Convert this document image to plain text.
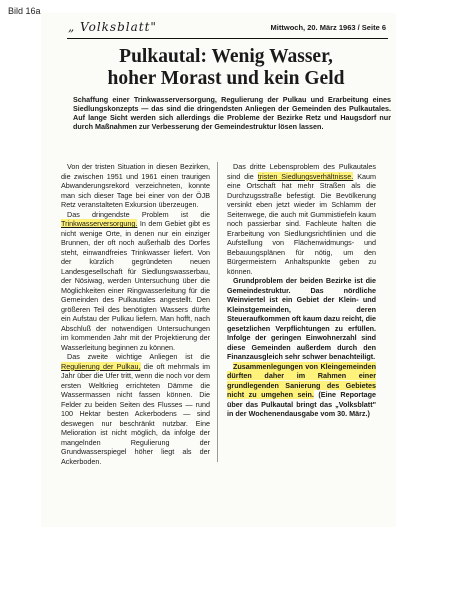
Bild 16a
„ Volksblatt"	Mittwoch, 20. März 1963 / Seite 6
Pulkautal: Wenig Wasser,
hoher Morast und kein Geld
Schaffung einer Trinkwasserversorgung, Regulierung der Pulkau und Erarbeitung eines Siedlungskonzepts — das sind die dringendsten Anliegen der Gemeinden des Pulkautales. Auf lange Sicht werden sich allerdings die Probleme der Bezirke Retz und Haugsdorf nur durch Maßnahmen zur Verbesserung der Gemeindestruktur lösen lassen.

Von der tristen Situation in diesen Bezirken, die zwischen 1951 und 1961 einen traurigen Abwanderungsrekord verzeichneten, konnte man sich dieser Tage bei einer von der ÖJB Retz veranstalteten Exkursion überzeugen.

Das dringendste Problem ist die Trinkwasserversorgung. In dem Gebiet gibt es nicht wenige Orte, in denen nur ein einziger Brunnen, der oft noch außerhalb des Dorfes steht, einwandfreies Trinkwasser liefert. Von der kürzlich gegründeten neuen Landesgesellschaft für Siedlungswasserbau, der Nösiwag, werden Untersuchung über die Möglichkeiten einer Ringwasserleitung für die Gemeinden des Pulkautales angestellt. Den größeren Teil des benötigten Wassers dürfte ein Aufstau der Pulkau liefern. Man hofft, nach Abschluß der notwendigen Untersuchungen im kommenden Jahr mit der Projektierung der Wasserleitung beginnen zu können.

Das zweite wichtige Anliegen ist die Regulierung der Pulkau, die oft mehrmals im Jahr über die Ufer tritt, wenn die noch vor dem ersten Weltkrieg errichteten Dämme die Wassermassen nicht fassen können. Die Felder zu beiden Seiten des Flusses — rund 100 Hektar besten Ackerbodens — sind deswegen nur beschränkt nutzbar. Eine Melioration ist nicht möglich, da infolge der mangelnden Regulierung der Grundwasserspiegel höher liegt als der Ackerboden.

Das dritte Lebensproblem des Pulkautales sind die tristen Siedlungsverhältnisse. Kaum eine Ortschaft hat mehr Straßen als die Durchzugsstraße befestigt. Die Bevölkerung versinkt eben jetzt wieder im Schlamm der Seitenwege, die auch mit Gummistiefeln kaum noch passierbar sind. Fachleute halten die Erarbeitung von Siedlungsrichtlinien und die Aufstellung von Flächenwidmungs- und Bebauungsplänen für nötig, um den Bürgermeistern Anhaltspunkte geben zu können.

Grundproblem der beiden Bezirke ist die Gemeindestruktur. Das nördliche Weinviertel ist ein Gebiet der Klein- und Kleinstgemeinden, deren Steueraufkommen oft kaum dazu reicht, die gesetzlichen Verpflichtungen zu erfüllen. Infolge der geringen Einwohnerzahl sind diese Gemeinden außerdem durch den Finanzausgleich sehr schwer benachteiligt.

Zusammenlegungen von Kleingemeinden dürften daher im Rahmen einer grundlegenden Sanierung des Gebietes nicht zu umgehen sein. (Eine Reportage über das Pulkautal bringt das „Volksblatt" in der Wochenendausgabe vom 30. März.)
